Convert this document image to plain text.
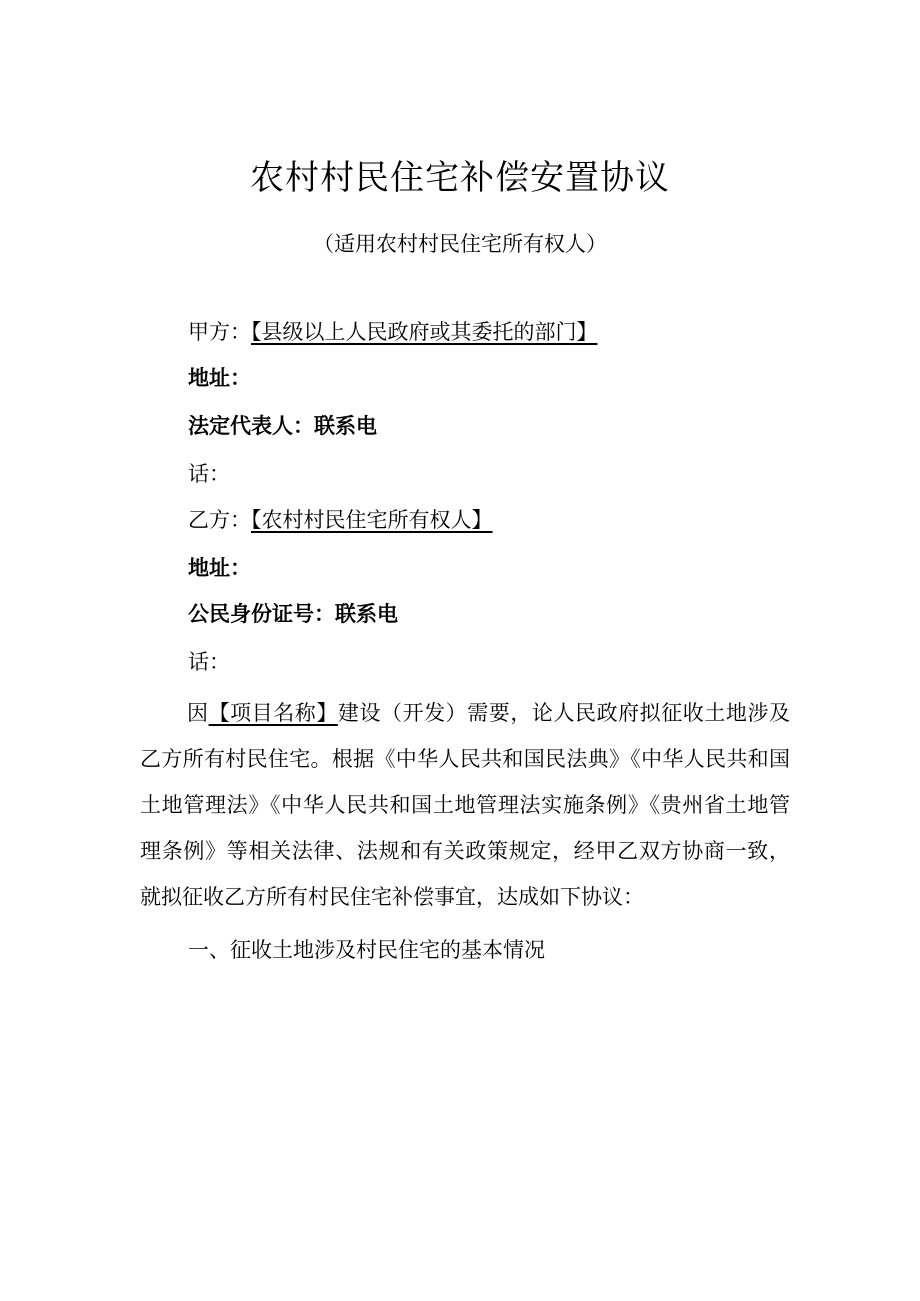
农村村民住宅补偿安置协议
（适用农村村民住宅所有权人）
甲方：【县级以上人民政府或其委托的部门】
地址：
法定代表人：联系电
话：
乙方：【农村村民住宅所有权人】
地址：
公民身份证号：联系电
话：
因【项目名称】建设（开发）需要，论人民政府拟征收土地涉及乙方所有村民住宅。根据《中华人民共和国民法典》《中华人民共和国土地管理法》《中华人民共和国土地管理法实施条例》《贵州省土地管理条例》等相关法律、法规和有关政策规定，经甲乙双方协商一致，就拟征收乙方所有村民住宅补偿事宜，达成如下协议：
一、征收土地涉及村民住宅的基本情况
